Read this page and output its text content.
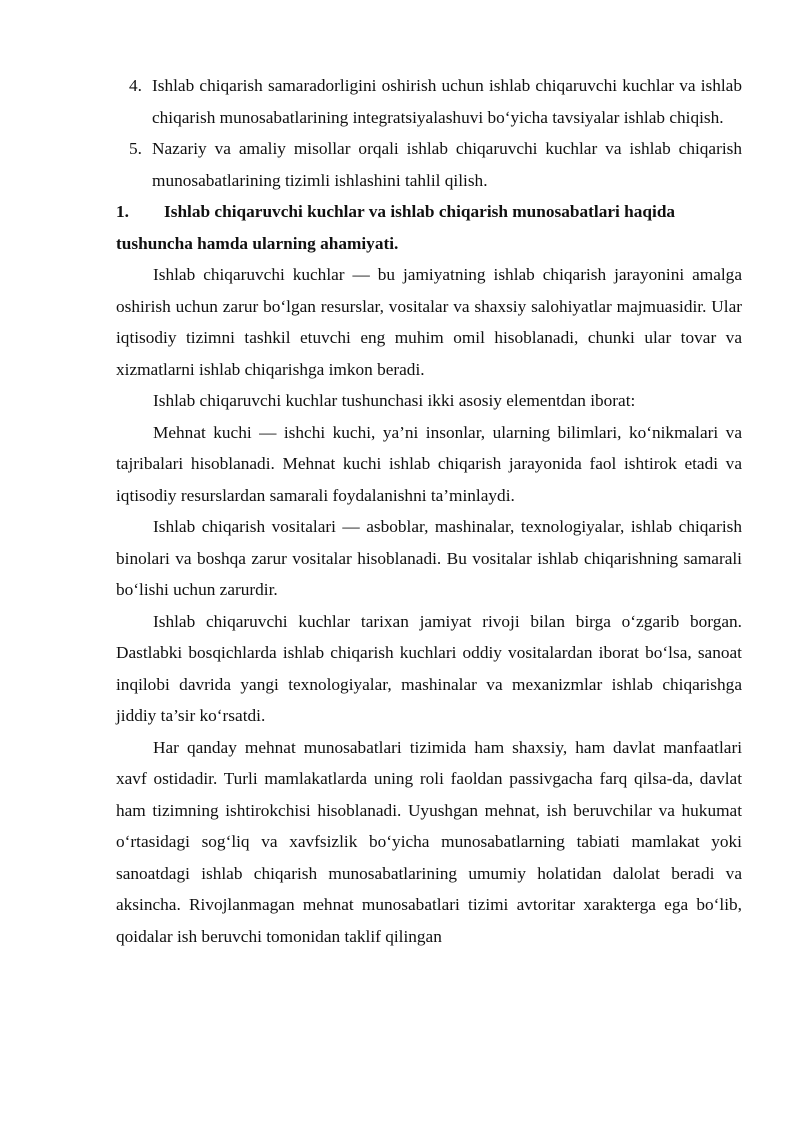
4. Ishlab chiqarish samaradorligini oshirish uchun ishlab chiqaruvchi kuchlar va ishlab chiqarish munosabatlarining integratsiyalashuvi bo‘yicha tavsiyalar ishlab chiqish.
5. Nazariy va amaliy misollar orqali ishlab chiqaruvchi kuchlar va ishlab chiqarish munosabatlarining tizimli ishlashini tahlil qilish.

1. Ishlab chiqaruvchi kuchlar va ishlab chiqarish munosabatlari haqida tushuncha hamda ularning ahamiyati.

Ishlab chiqaruvchi kuchlar — bu jamiyatning ishlab chiqarish jarayonini amalga oshirish uchun zarur bo‘lgan resurslar, vositalar va shaxsiy salohiyatlar majmuasidir. Ular iqtisodiy tizimni tashkil etuvchi eng muhim omil hisoblanadi, chunki ular tovar va xizmatlarni ishlab chiqarishga imkon beradi.

Ishlab chiqaruvchi kuchlar tushunchasi ikki asosiy elementdan iborat:

Mehnat kuchi — ishchi kuchi, ya’ni insonlar, ularning bilimlari, ko‘nikmalari va tajribalari hisoblanadi. Mehnat kuchi ishlab chiqarish jarayonida faol ishtirok etadi va iqtisodiy resurslardan samarali foydalanishni ta’minlaydi.

Ishlab chiqarish vositalari — asboblar, mashinalar, texnologiyalar, ishlab chiqarish binolari va boshqa zarur vositalar hisoblanadi. Bu vositalar ishlab chiqarishning samarali bo‘lishi uchun zarurdir.

Ishlab chiqaruvchi kuchlar tarixan jamiyat rivoji bilan birga o‘zgarib borgan. Dastlabki bosqichlarda ishlab chiqarish kuchlari oddiy vositalardan iborat bo‘lsa, sanoat inqilobi davrida yangi texnologiyalar, mashinalar va mexanizmlar ishlab chiqarishga jiddiy ta’sir ko‘rsatdi.

Har qanday mehnat munosabatlari tizimida ham shaxsiy, ham davlat manfaatlari xavf ostidadir. Turli mamlakatlarda uning roli faoldan passivgacha farq qilsa-da, davlat ham tizimning ishtirokchisi hisoblanadi. Uyushgan mehnat, ish beruvchilar va hukumat o‘rtasidagi sog‘liq va xavfsizlik bo‘yicha munosabatlarning tabiati mamlakat yoki sanoatdagi ishlab chiqarish munosabatlarining umumiy holatidan dalolat beradi va aksincha. Rivojlanmagan mehnat munosabatlari tizimi avtoritar xarakterga ega bo‘lib, qoidalar ish beruvchi tomonidan taklif qilingan
